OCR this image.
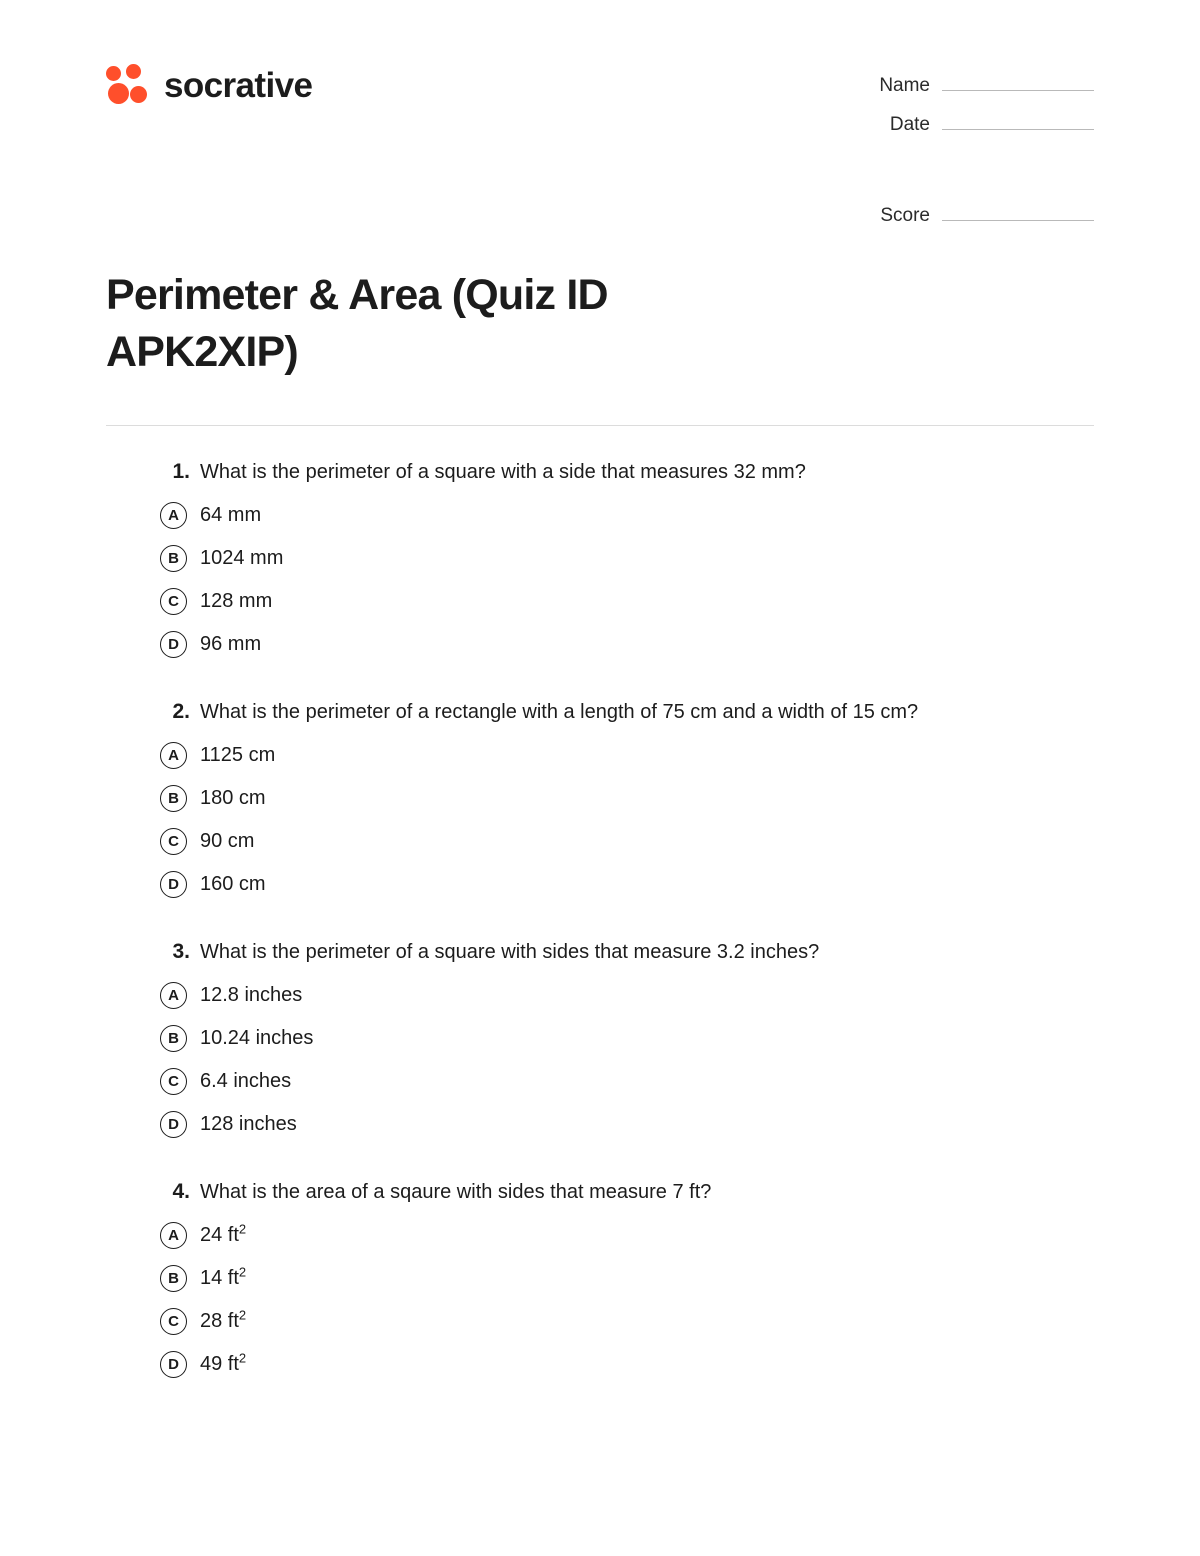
socrative	Name
Date
Score
Perimeter & Area (Quiz ID APK2XIP)
1. What is the perimeter of a square with a side that measures 32 mm?
A	64 mm
B	1024 mm
C	128 mm
D	96 mm
2. What is the perimeter of a rectangle with a length of 75 cm and a width of 15 cm?
A	1125 cm
B	180 cm
C	90 cm
D	160 cm
3. What is the perimeter of a square with sides that measure 3.2 inches?
A	12.8 inches
B	10.24 inches
C	6.4 inches
D	128 inches
4. What is the area of a sqaure with sides that measure 7 ft?
A	24 $ft^2$
B	14 $ft^2$
C	28 $ft^2$
D	49 $ft^2$
